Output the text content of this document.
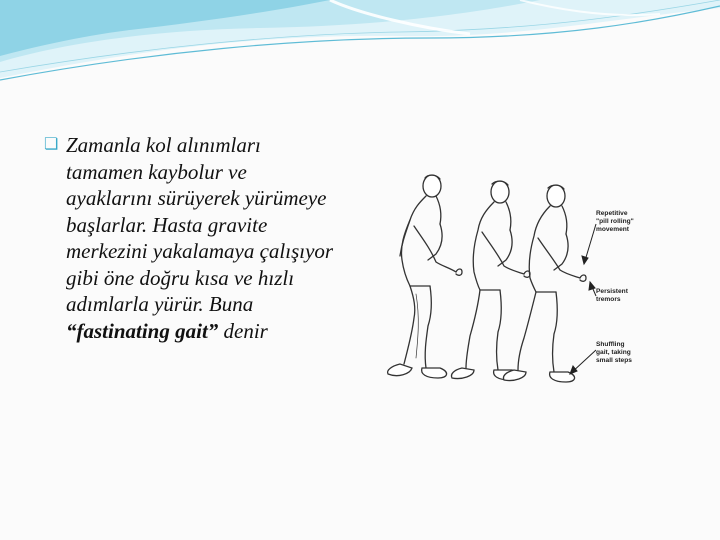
❏ Zamanla kol alınımları tamamen kaybolur ve ayaklarını sürüyerek yürümeye başlarlar. Hasta gravite merkezini yakalamaya çalışıyor gibi öne doğru kısa ve hızlı adımlarla yürür. Buna “fastinating gait” denir
Repetitive "pill rolling" movement
Persistent tremors
Shuffling gait, taking small steps
